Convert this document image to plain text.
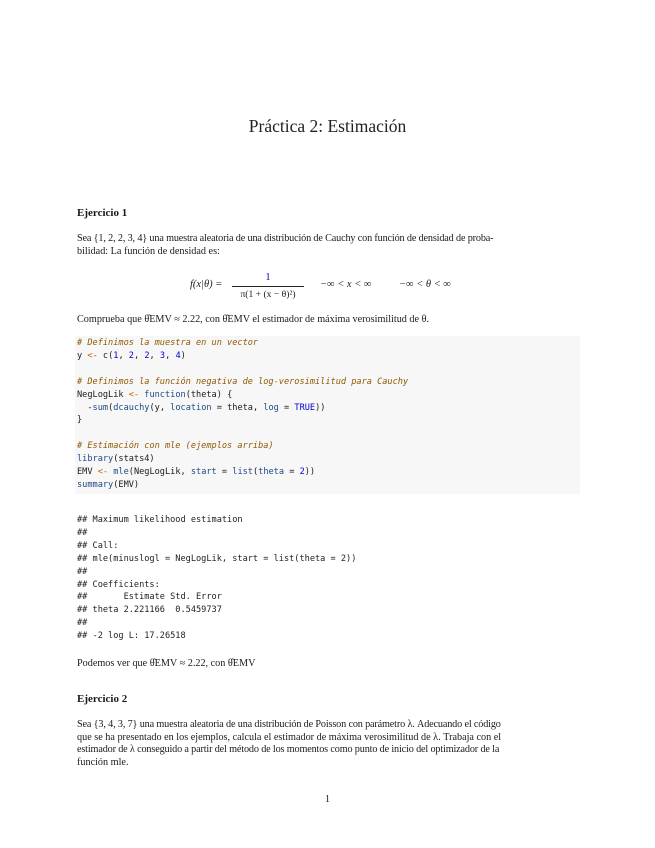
Práctica 2: Estimación
Ejercicio 1
Sea {1, 2, 2, 3, 4} una muestra aleatoria de una distribución de Cauchy con función de densidad de proba-
bilidad: La función de densidad es:
f(x|θ) =
1
π(1 + (x − θ)²)
−∞ < x < ∞	−∞ < θ < ∞
Comprueba que θ̂EMV ≈ 2.22, con θ̂EMV el estimador de máxima verosimilitud de θ.
# Definimos la muestra en un vector
y <- c(1, 2, 2, 3, 4)

# Definimos la función negativa de log-verosimilitud para Cauchy
NegLogLik <- function(theta) {
-sum(dcauchy(y, location = theta, log = TRUE))
}

# Estimación con mle (ejemplos arriba)
library(stats4)
EMV <- mle(NegLogLik, start = list(theta = 2))
summary(EMV)
## Maximum likelihood estimation
##
## Call:
## mle(minuslogl = NegLogLik, start = list(theta = 2))
##
## Coefficients:
##       Estimate Std. Error
## theta 2.221166  0.5459737
##
## -2 log L: 17.26518
Podemos ver que θ̂EMV ≈ 2.22, con θ̂EMV
Ejercicio 2
Sea {3, 4, 3, 7} una muestra aleatoria de una distribución de Poisson con parámetro λ. Adecuando el código
que se ha presentado en los ejemplos, calcula el estimador de máxima verosimilitud de λ. Trabaja con el
estimador de λ conseguido a partir del método de los momentos como punto de inicio del optimizador de la
función mle.
1
